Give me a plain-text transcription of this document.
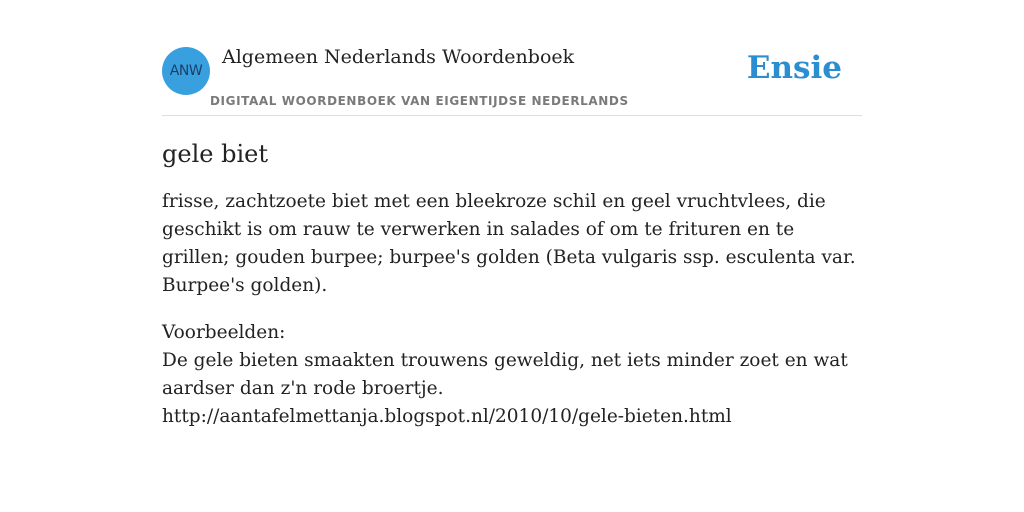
ANW
Algemeen Nederlands Woordenboek
DIGITAAL WOORDENBOEK VAN EIGENTIJDSE NEDERLANDS
Ensie
gele biet

frisse, zachtzoete biet met een bleekroze schil en geel vruchtvlees, die geschikt is om rauw te verwerken in salades of om te frituren en te grillen; gouden burpee; burpee's golden (Beta vulgaris ssp. esculenta var. Burpee's golden).

Voorbeelden:
De gele bieten smaakten trouwens geweldig, net iets minder zoet en wat aardser dan z'n rode broertje.
http://aantafelmettanja.blogspot.nl/2010/10/gele-bieten.html
